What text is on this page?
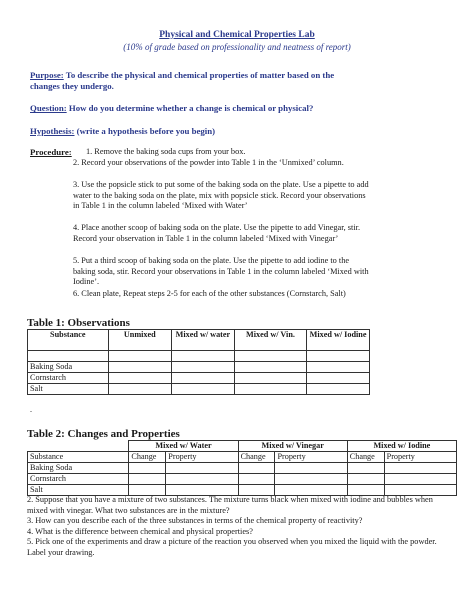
Physical and Chemical Properties Lab
(10% of grade based on professionality and neatness of report)
Purpose: To describe the physical and chemical properties of matter based on the changes they undergo.
Question: How do you determine whether a change is chemical or physical?
Hypothesis: (write a hypothesis before you begin)
Procedure: 1. Remove the baking soda cups from your box.
2. Record your observations of the powder into Table 1 in the ‘Unmixed’ column.
3. Use the popsicle stick to put some of the baking soda on the plate. Use a pipette to add water to the baking soda on the plate, mix with popsicle stick. Record your observations in Table 1 in the column labeled ‘Mixed with Water’
4. Place another scoop of baking soda on the plate. Use the pipette to add Vinegar, stir. Record your observation in Table 1 in the column labeled ‘Mixed with Vinegar’
5. Put a third scoop of baking soda on the plate. Use the pipette to add iodine to the baking soda, stir. Record your observations in Table 1 in the column labeled ‘Mixed with Iodine’.
6. Clean plate, Repeat steps 2-5 for each of the other substances (Cornstarch, Salt)
Table 1: Observations
Substance	Unmixed	Mixed w/ water	Mixed w/ Vin.	Mixed w/ Iodine

Baking Soda				
Cornstarch				
Salt				
.
Table 2: Changes and Properties
	Mixed w/ Water		Mixed w/ Vinegar		Mixed w/ Iodine	
Substance	Change	Property	Change	Property	Change	Property
Baking Soda						
Cornstarch						
Salt						

2. Suppose that you have a mixture of two substances. The mixture turns black when mixed with iodine and bubbles when mixed with vinegar. What two substances are in the mixture?

3. How can you describe each of the three substances in terms of the chemical property of reactivity?

4. What is the difference between chemical and physical properties?

5. Pick one of the experiments and draw a picture of the reaction you observed when you mixed the liquid with the powder. Label your drawing.
